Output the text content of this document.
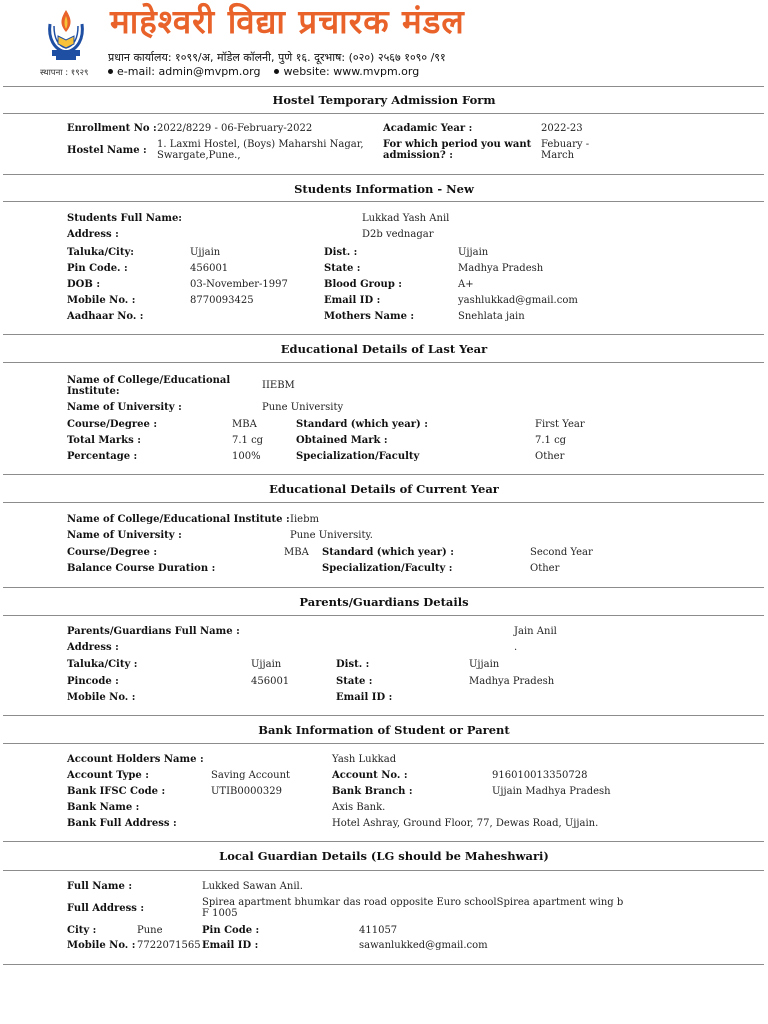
स्थापना : १९२९
माहेश्वरी विद्या प्रचारक मंडल
प्रधान कार्यालय: १०९९/अ, मॉडेल कॉलनी, पुणे १६. दूरभाष: (०२०) २५६७ १०९० /९१
e-mail: admin@mvpm.org website: www.mvpm.org
Hostel Temporary Admission Form
Enrollment No : 2022/8229 - 06-February-2022
Hostel Name :
1. Laxmi Hostel, (Boys) Maharshi Nagar, Swargate,Pune.,
Acadamic Year :	2022-23
For which period you want admission? :
Febuary - March
Students Information - New
Students Full Name:	Lukkad Yash Anil
Address :	D2b vednagar
Taluka/City:	Ujjain	Dist. :	Ujjain
Pin Code. :	456001	State :	Madhya Pradesh
DOB :	03-November-1997	Blood Group :	A+
Mobile No. :	8770093425	Email ID :	yashlukkad@gmail.com
Aadhaar No. :	Mothers Name :	Snehlata jain
Educational Details of Last Year
Name of College/Educational Institute:
IIEBM
Name of University :	Pune University
Course/Degree :	MBA	Standard (which year) :	First Year
Total Marks :	7.1 cg	Obtained Mark :	7.1 cg
Percentage :	100%	Specialization/Faculty	Other
Educational Details of Current Year
Name of College/Educational Institute : Iiebm
Name of University :	Pune University.
Course/Degree :	MBA Standard (which year) :	Second Year
Balance Course Duration :	Specialization/Faculty :	Other
Parents/Guardians Details
Parents/Guardians Full Name :	Jain Anil
Address :	.
Taluka/City :	Ujjain	Dist. :	Ujjain
Pincode :	456001	State :	Madhya Pradesh
Mobile No. :	Email ID :
Bank Information of Student or Parent
Account Holders Name :	Yash Lukkad
Account Type :	Saving Account	Account No. :	916010013350728
Bank IFSC Code :	UTIB0000329	Bank Branch :	Ujjain Madhya Pradesh
Bank Name :	Axis Bank.
Bank Full Address :	Hotel Ashray, Ground Floor, 77, Dewas Road, Ujjain.
Local Guardian Details (LG should be Maheshwari)
Full Name :	Lukked Sawan Anil.
Full Address :
Spirea apartment bhumkar das road opposite Euro schoolSpirea apartment wing b F 1005
City :	Pune	Pin Code :	411057
Mobile No. : 7722071565 Email ID :	sawanlukked@gmail.com
